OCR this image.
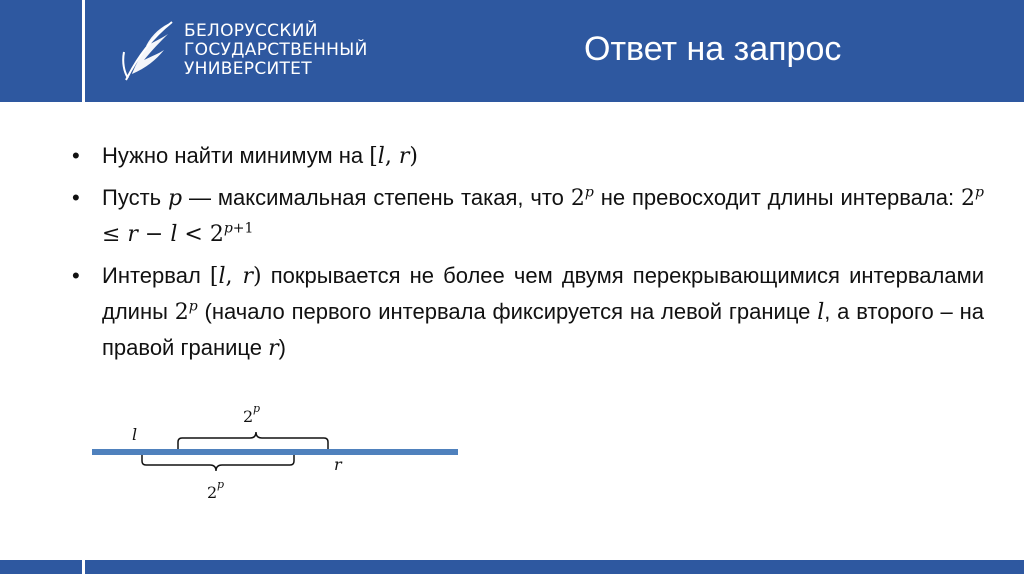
БЕЛОРУССКИЙ
ГОСУДАРСТВЕННЫЙ
УНИВЕРСИТЕТ
Ответ на запрос
• Нужно найти минимум на [𝑙, 𝑟)
• Пусть 𝑝 — максимальная степень такая, что $2^𝑝$ не превосходит длины интервала: $2^𝑝$ ≤ 𝑟 − 𝑙 < $2^{𝑝+1}$
• Интервал [𝑙, 𝑟) покрывается не более чем двумя перекрывающимися интервалами длины $2^𝑝$ (начало первого интервала фиксируется на левой границе 𝑙, а второго – на правой границе 𝑟)
l
2 p
r
2 p
